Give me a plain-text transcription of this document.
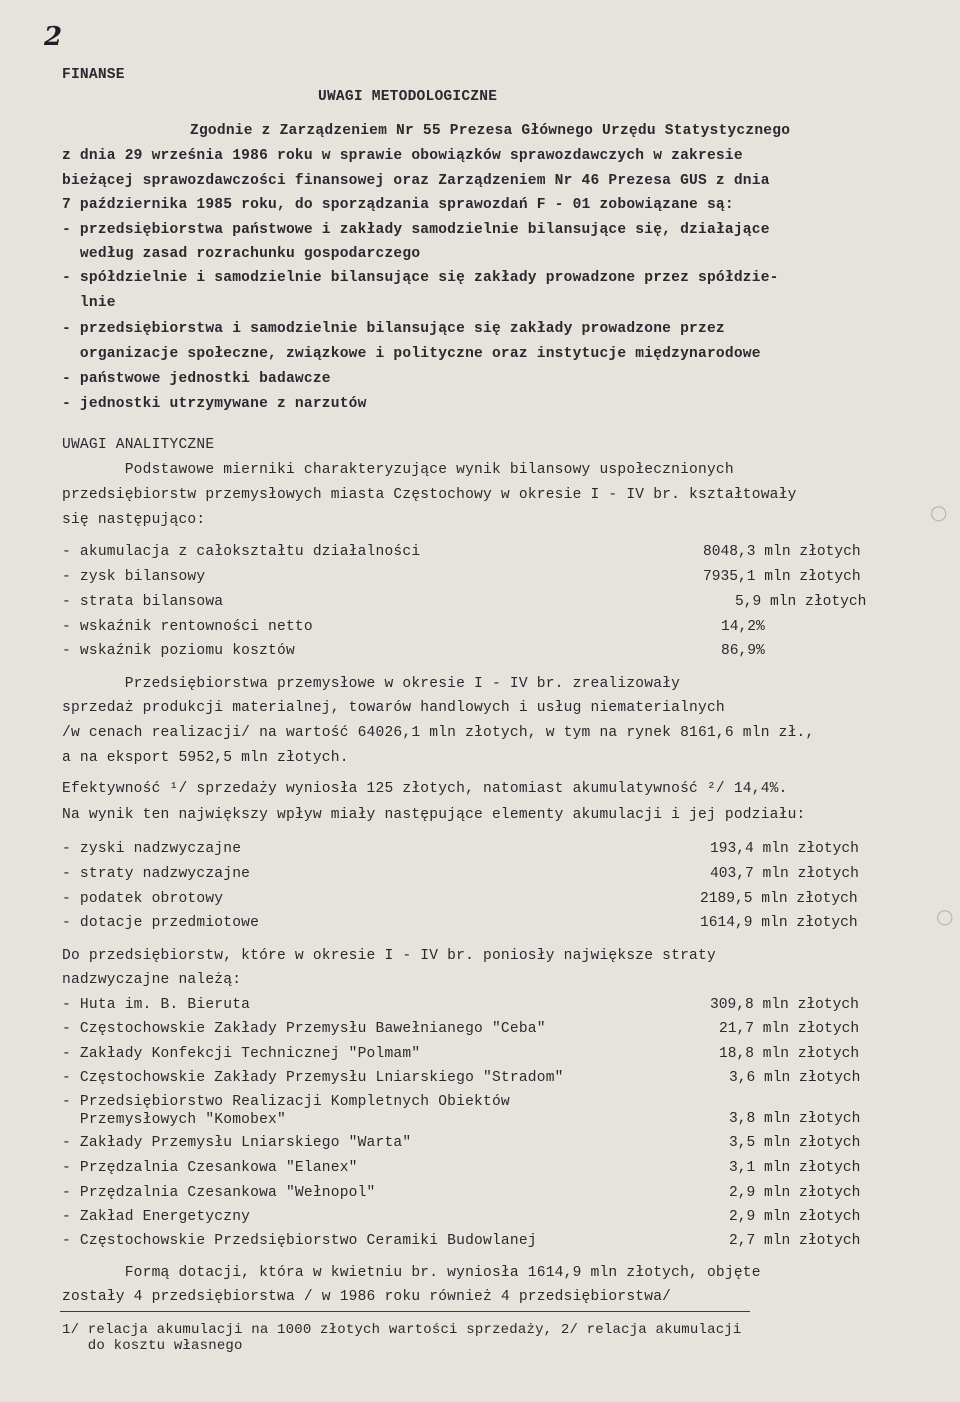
2
FINANSE
UWAGI METODOLOGICZNE
Zgodnie z Zarządzeniem Nr 55 Prezesa Głównego Urzędu Statystycznego
z dnia 29 września 1986 roku w sprawie obowiązków sprawozdawczych w zakresie
bieżącej sprawozdawczości finansowej oraz Zarządzeniem Nr 46 Prezesa GUS z dnia
7 października 1985 roku, do sporządzania sprawozdań F - 01 zobowiązane są:
- przedsiębiorstwa państwowe i zakłady samodzielnie bilansujące się, działające
według zasad rozrachunku gospodarczego
- spółdzielnie i samodzielnie bilansujące się zakłady prowadzone przez spółdzie-
lnie
- przedsiębiorstwa i samodzielnie bilansujące się zakłady prowadzone przez
organizacje społeczne, związkowe i polityczne oraz instytucje międzynarodowe
- państwowe jednostki badawcze
- jednostki utrzymywane z narzutów
UWAGI ANALITYCZNE
Podstawowe mierniki charakteryzujące wynik bilansowy uspołecznionych
przedsiębiorstw przemysłowych miasta Częstochowy w okresie I - IV br. kształtowały
się następująco:
- akumulacja z całokształtu działalności	8048,3 mln złotych
- zysk bilansowy	7935,1 mln złotych
- strata bilansowa	5,9 mln złotych
- wskaźnik rentowności netto	14,2%
- wskaźnik poziomu kosztów	86,9%
Przedsiębiorstwa przemysłowe w okresie I - IV br. zrealizowały
sprzedaż produkcji materialnej, towarów handlowych i usług niematerialnych
/w cenach realizacji/ na wartość 64026,1 mln złotych, w tym na rynek 8161,6 mln zł.,
a na eksport 5952,5 mln złotych.
Efektywność ¹/ sprzedaży wyniosła 125 złotych, natomiast akumulatywność ²/ 14,4%.
Na wynik ten największy wpływ miały następujące elementy akumulacji i jej podziału:
- zyski nadzwyczajne	193,4 mln złotych
- straty nadzwyczajne	403,7 mln złotych
- podatek obrotowy	2189,5 mln złotych
- dotacje przedmiotowe	1614,9 mln złotych
Do przedsiębiorstw, które w okresie I - IV br. poniosły największe straty
nadzwyczajne należą:
- Huta im. B. Bieruta	309,8 mln złotych
- Częstochowskie Zakłady Przemysłu Bawełnianego "Ceba"	21,7 mln złotych
- Zakłady Konfekcji Technicznej "Polmam"	18,8 mln złotych
- Częstochowskie Zakłady Przemysłu Lniarskiego "Stradom"	3,6 mln złotych
- Przedsiębiorstwo Realizacji Kompletnych Obiektów
Przemysłowych "Komobex"	3,8 mln złotych
- Zakłady Przemysłu Lniarskiego "Warta"	3,5 mln złotych
- Przędzalnia Czesankowa "Elanex"	3,1 mln złotych
- Przędzalnia Czesankowa "Wełnopol"	2,9 mln złotych
- Zakład Energetyczny	2,9 mln złotych
- Częstochowskie Przedsiębiorstwo Ceramiki Budowlanej	2,7 mln złotych
Formą dotacji, która w kwietniu br. wyniosła 1614,9 mln złotych, objęte
zostały 4 przedsiębiorstwa / w 1986 roku również 4 przedsiębiorstwa/
1/ relacja akumulacji na 1000 złotych wartości sprzedaży, 2/ relacja akumulacji
do kosztu własnego
○
○
